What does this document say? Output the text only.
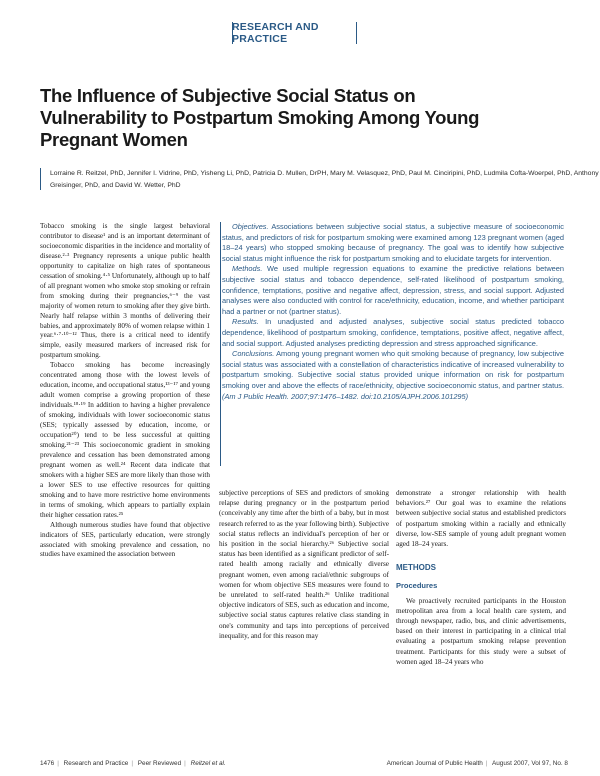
RESEARCH AND PRACTICE
The Influence of Subjective Social Status on Vulnerability to Postpartum Smoking Among Young Pregnant Women

Lorraine R. Reitzel, PhD, Jennifer I. Vidrine, PhD, Yisheng Li, PhD, Patricia D. Mullen, DrPH, Mary M. Velasquez, PhD, Paul M. Cinciripini, PhD, Ludmila Cofta-Woerpel, PhD, Anthony Greisinger, PhD, and David W. Wetter, PhD

Tobacco smoking is the single largest behavioral contributor to disease¹ and is an important determinant of socioeconomic disparities in the incidence and mortality of disease.²·³ Pregnancy represents a unique public health opportunity to capitalize on high rates of spontaneous cessation of smoking.⁴·⁵ Unfortunately, although up to half of all pregnant women who smoke stop smoking or refrain from smoking during their pregnancies,⁶⁻⁹ the vast majority of women return to smoking after they give birth. Nearly half relapse within 3 months of delivering their babies, and approximately 80% of women relapse within 1 year.⁶·⁷·¹⁰⁻¹² Thus, there is a critical need to identify simple, easily measured markers of increased risk for postpartum smoking.

Tobacco smoking has become increasingly concentrated among those with the lowest levels of education, income, and occupational status,¹³⁻¹⁷ and young adult women comprise a growing proportion of these individuals.¹⁸·¹⁹ In addition to having a higher prevalence of smoking, individuals with lower socioeconomic status (SES; typically assessed by education, income, or occupation²⁰) tend to be less successful at quitting smoking.²¹⁻²³ This socioeconomic gradient in smoking prevalence and cessation has been demonstrated among pregnant women as well.²⁴ Recent data indicate that smokers with a higher SES are more likely than those with a lower SES to use effective resources for quitting smoking and to have more restrictive home environments in terms of smoking, which appears to partially explain their higher cessation rates.²⁵

Although numerous studies have found that objective indicators of SES, particularly education, were strongly associated with smoking prevalence and cessation, no studies have examined the association between

Objectives. Associations between subjective social status, a subjective measure of socioeconomic status, and predictors of risk for postpartum smoking were examined among 123 pregnant women (aged 18–24 years) who stopped smoking because of pregnancy. The goal was to identify how subjective social status might influence the risk for postpartum smoking and to elucidate targets for intervention.

Methods. We used multiple regression equations to examine the predictive relations between subjective social status and tobacco dependence, self-rated likelihood of postpartum smoking, confidence, temptations, positive and negative affect, depression, stress, and social support. Adjusted analyses were also conducted with control for race/ethnicity, education, income, and whether participant had a partner or not (partner status).

Results. In unadjusted and adjusted analyses, subjective social status predicted tobacco dependence, likelihood of postpartum smoking, confidence, temptations, positive affect, negative affect, and social support. Adjusted analyses predicting depression and stress approached significance.

Conclusions. Among young pregnant women who quit smoking because of pregnancy, low subjective social status was associated with a constellation of characteristics indicative of increased vulnerability to postpartum smoking. Subjective social status provided unique information on risk for postpartum smoking over and above the effects of race/ethnicity, objective socioeconomic status, and partner status. (Am J Public Health. 2007;97:1476–1482. doi:10.2105/AJPH.2006.101295)

subjective perceptions of SES and predictors of smoking relapse during pregnancy or in the postpartum period (conceivably any time after the birth of a baby, but in most research referred to as the year following birth). Subjective social status reflects an individual's perception of her or his position in the social hierarchy.²⁶ Subjective social status has been identified as a significant predictor of self-rated health among racially and ethnically diverse pregnant women, even among racial/ethnic subgroups of women for whom objective SES measures were found to be unrelated to self-rated health.²⁶ Unlike traditional objective indicators of SES, such as education and income, subjective social status captures relative class standing in one's community and taps into perceptions of perceived inequality, and for this reason may

demonstrate a stronger relationship with health behaviors.²⁷ Our goal was to examine the relations between subjective social status and established predictors of postpartum smoking within a racially and ethnically diverse, low-SES sample of young adult pregnant women aged 18–24 years.

METHODS
Procedures

We proactively recruited participants in the Houston metropolitan area from a local health care system, and through newspaper, radio, bus, and clinic advertisements, based on their interest in participating in a clinical trial evaluating a postpartum smoking relapse prevention treatment. Participants for this study were a subset of women aged 18–24 years who

1476 | Research and Practice | Peer Reviewed | Reitzel et al.	American Journal of Public Health | August 2007, Vol 97, No. 8
